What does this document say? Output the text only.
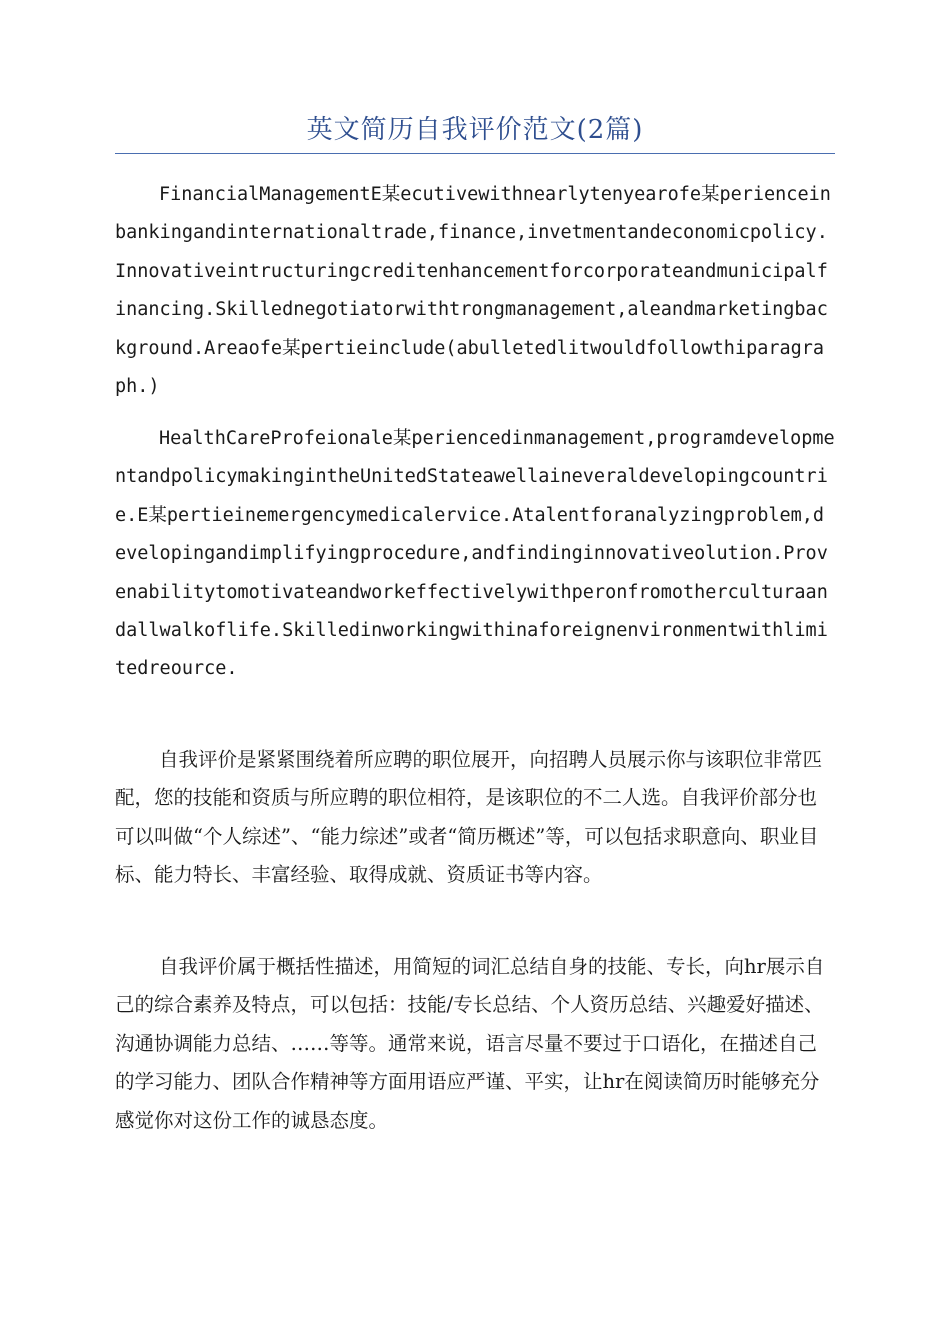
英文简历自我评价范文(2篇)

FinancialManagementE某ecutivewithnearlytenyearofe某perienceinbankingandinternationaltrade,finance,invetmentandeconomicpolicy.Innovativeintructuringcreditenhancementforcorporateandmunicipalfinancing.Skillednegotiatorwithtrongmanagement,aleandmarketingbackground.Areaofe某pertieinclude(abulletedlitwouldfollowthiparagraph.)

HealthCareProfeionale某periencedinmanagement,programdevelopmentandpolicymakingintheUnitedStateawellaineveraldevelopingcountrie.E某pertieinemergencymedicalervice.Atalentforanalyzingproblem,developingandimplifyingprocedure,andfindinginnovativeolution.Provenabilitytomotivateandworkeffectivelywithperonfromotherculturaandallwalkoflife.Skilledinworkingwithinaforeignenvironmentwithlimitedreource.

自我评价是紧紧围绕着所应聘的职位展开，向招聘人员展示你与该职位非常匹配，您的技能和资质与所应聘的职位相符，是该职位的不二人选。自我评价部分也可以叫做“个人综述”、“能力综述”或者“简历概述”等，可以包括求职意向、职业目标、能力特长、丰富经验、取得成就、资质证书等内容。

自我评价属于概括性描述，用简短的词汇总结自身的技能、专长，向hr展示自己的综合素养及特点，可以包括：技能/专长总结、个人资历总结、兴趣爱好描述、沟通协调能力总结、……等等。通常来说，语言尽量不要过于口语化，在描述自己的学习能力、团队合作精神等方面用语应严谨、平实，让hr在阅读简历时能够充分感觉你对这份工作的诚恳态度。
